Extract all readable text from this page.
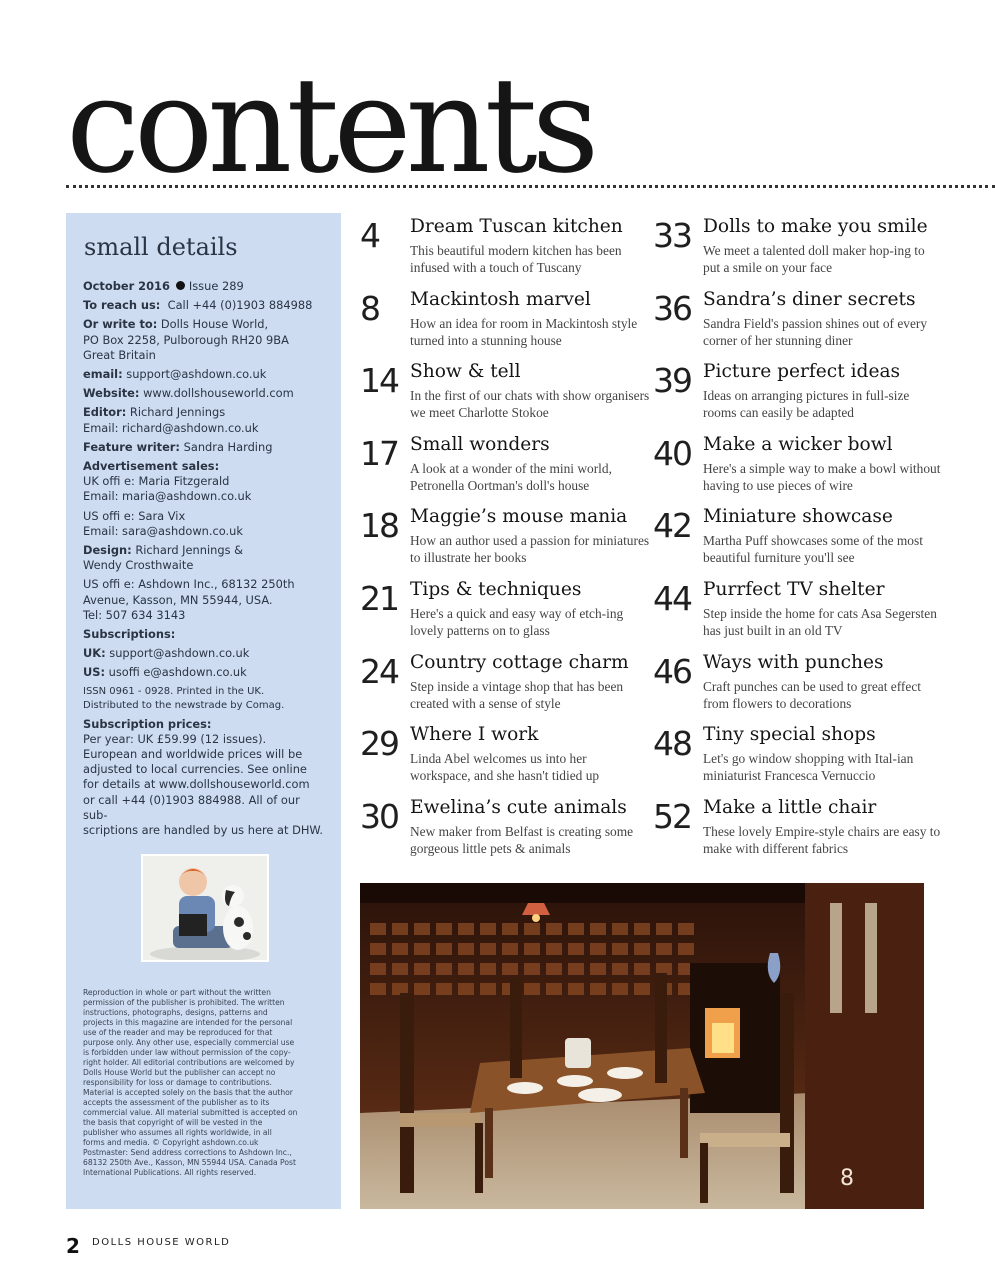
contents
small details
October 2016 Issue 289
To reach us: Call +44 (0)1903 884988
Or write to: Dolls House World,
PO Box 2258, Pulborough RH20 9BA
Great Britain
email: support@ashdown.co.uk
Website: www.dollshouseworld.com
Editor: Richard Jennings
Email: richard@ashdown.co.uk
Feature writer: Sandra Harding
Advertisement sales:
UK offi e: Maria Fitzgerald
Email: maria@ashdown.co.uk
US offi e: Sara Vix
Email: sara@ashdown.co.uk
Design: Richard Jennings &
Wendy Crosthwaite
US offi e: Ashdown Inc., 68132 250th
Avenue, Kasson, MN 55944, USA.
Tel: 507 634 3143
Subscriptions:
UK: support@ashdown.co.uk
US: usoffi e@ashdown.co.uk
ISSN 0961 - 0928. Printed in the UK.
Distributed to the newstrade by Comag.
Subscription prices:
Per year: UK £59.99 (12 issues).
European and worldwide prices will be
adjusted to local currencies. See online
for details at www.dollshouseworld.com
or call +44 (0)1903 884988. All of our sub-
scriptions are handled by us here at DHW.
Reproduction in whole or part without the written
permission of the publisher is prohibited. The written
instructions, photographs, designs, patterns and
projects in this magazine are intended for the personal
use of the reader and may be reproduced for that
purpose only. Any other use, especially commercial use
is forbidden under law without permission of the copy-
right holder. All editorial contributions are welcomed by
Dolls House World but the publisher can accept no
responsibility for loss or damage to contributions.
Material is accepted solely on the basis that the author
accepts the assessment of the publisher as to its
commercial value. All material submitted is accepted on
the basis that copyright of will be vested in the
publisher who assumes all rights worldwide, in all
forms and media. © Copyright ashdown.co.uk
Postmaster: Send address corrections to Ashdown Inc.,
68132 250th Ave., Kasson, MN 55944 USA. Canada Post
International Publications. All rights reserved.
4 Dream Tuscan kitchen
This beautiful modern kitchen has been infused with a touch of Tuscany
8 Mackintosh marvel
How an idea for room in Mackintosh style turned into a stunning house
14 Show & tell
In the first of our chats with show organisers we meet Charlotte Stokoe
17 Small wonders
A look at a wonder of the mini world, Petronella Oortman's doll's house
18 Maggie’s mouse mania
How an author used a passion for miniatures to illustrate her books
21 Tips & techniques
Here's a quick and easy way of etch-ing lovely patterns on to glass
24 Country cottage charm
Step inside a vintage shop that has been created with a sense of style
29 Where I work
Linda Abel welcomes us into her workspace, and she hasn't tidied up
30 Ewelina’s cute animals
New maker from Belfast is creating some gorgeous little pets & animals
33 Dolls to make you smile
We meet a talented doll maker hop-ing to put a smile on your face
36 Sandra’s diner secrets
Sandra Field's passion shines out of every corner of her stunning diner
39 Picture perfect ideas
Ideas on arranging pictures in full-size rooms can easily be adapted
40 Make a wicker bowl
Here's a simple way to make a bowl without having to use pieces of wire
42 Miniature showcase
Martha Puff showcases some of the most beautiful furniture you'll see
44 Purrfect TV shelter
Step inside the home for cats Asa Segersten has just built in an old TV
46 Ways with punches
Craft punches can be used to great effect from flowers to decorations
48 Tiny special shops
Let's go window shopping with Ital-ian miniaturist Francesca Vernuccio
52 Make a little chair
These lovely Empire-style chairs are easy to make with different fabrics
8
2 DOLLS HOUSE WORLD
